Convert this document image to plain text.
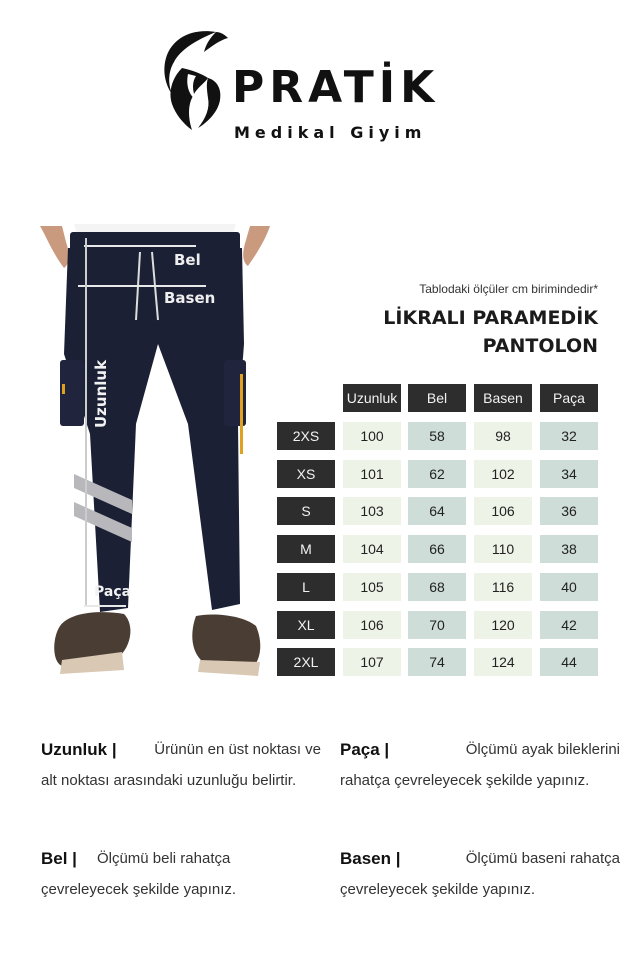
PRATİK
Medikal Giyim
Bel
Basen
Uzunluk
Paça
Tablodaki ölçüler cm birimindedir*
LİKRALI PARAMEDİK
PANTOLON
Uzunluk	Bel	Basen	Paça
2XS	100	58	98	32
XS	101	62	102	34
S	103	64	106	36
M	104	66	110	38
L	105	68	116	40
XL	106	70	120	42
2XL	107	74	124	44
Uzunluk |	Ürünün en üst noktası ve
alt noktası arasındaki uzunluğu belirtir.
Paça |	Ölçümü ayak bileklerini
rahatça çevreleyecek şekilde yapınız.
Bel | Ölçümü beli rahatça
çevreleyecek şekilde yapınız.
Basen |	Ölçümü baseni rahatça
çevreleyecek şekilde yapınız.
